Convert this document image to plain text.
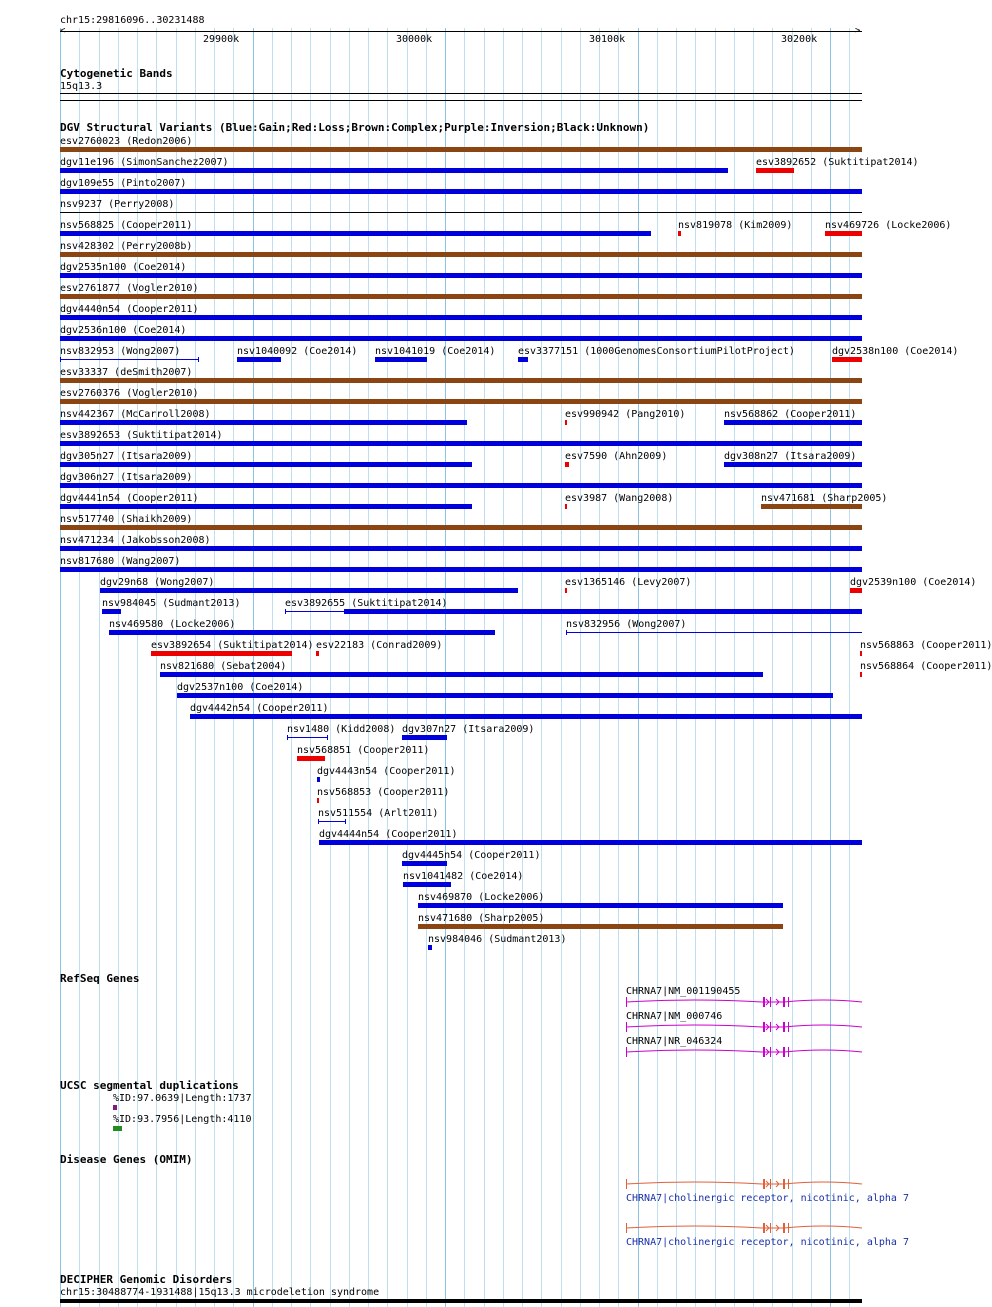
chr15:29816096..30231488
<	>
29900k	30000k	30100k	30200k
Cytogenetic Bands
15q13.3
DGV Structural Variants (Blue:Gain;Red:Loss;Brown:Complex;Purple:Inversion;Black:Unknown)
esv2760023 (Redon2006)
dgv11e196 (SimonSanchez2007)	esv3892652 (Suktitipat2014)
dgv109e55 (Pinto2007)
nsv9237 (Perry2008)
nsv568825 (Cooper2011)	nsv819078 (Kim2009)	nsv469726 (Locke2006)
nsv428302 (Perry2008b)
dgv2535n100 (Coe2014)
esv2761877 (Vogler2010)
dgv4440n54 (Cooper2011)
dgv2536n100 (Coe2014)
nsv832953 (Wong2007)	nsv1040092 (Coe2014) nsv1041019 (Coe2014) esv3377151 (1000GenomesConsortiumPilotProject)	dgv2538n100 (Coe2014)
esv33337 (deSmith2007)
esv2760376 (Vogler2010)
nsv442367 (McCarroll2008)	esv990942 (Pang2010)	nsv568862 (Cooper2011)
esv3892653 (Suktitipat2014)
dgv305n27 (Itsara2009)	esv7590 (Ahn2009)	dgv308n27 (Itsara2009)
dgv306n27 (Itsara2009)
dgv4441n54 (Cooper2011)	esv3987 (Wang2008)	nsv471681 (Sharp2005)
nsv517740 (Shaikh2009)
nsv471234 (Jakobsson2008)
nsv817680 (Wang2007)
dgv29n68 (Wong2007)	esv1365146 (Levy2007)	dgv2539n100 (Coe2014)
nsv984045 (Sudmant2013)	esv3892655 (Suktitipat2014)
nsv469580 (Locke2006)	nsv832956 (Wong2007)
esv3892654 (Suktitipat2014) esv22183 (Conrad2009)	nsv568863 (Cooper2011)
nsv821680 (Sebat2004)	nsv568864 (Cooper2011)
dgv2537n100 (Coe2014)
dgv4442n54 (Cooper2011)
nsv1480 (Kidd2008) dgv307n27 (Itsara2009)
nsv568851 (Cooper2011)
dgv4443n54 (Cooper2011)
nsv568853 (Cooper2011)
nsv511554 (Arlt2011)
dgv4444n54 (Cooper2011)
dgv4445n54 (Cooper2011)
nsv1041482 (Coe2014)
nsv469870 (Locke2006)
nsv471680 (Sharp2005)
nsv984046 (Sudmant2013)
RefSeq Genes
CHRNA7|NM_001190455
CHRNA7|NM_000746
CHRNA7|NR_046324
UCSC segmental duplications
%ID:97.0639|Length:1737
%ID:93.7956|Length:4110
Disease Genes (OMIM)
CHRNA7|cholinergic receptor, nicotinic, alpha 7
CHRNA7|cholinergic receptor, nicotinic, alpha 7
DECIPHER Genomic Disorders
chr15:30488774-1931488|15q13.3 microdeletion syndrome
